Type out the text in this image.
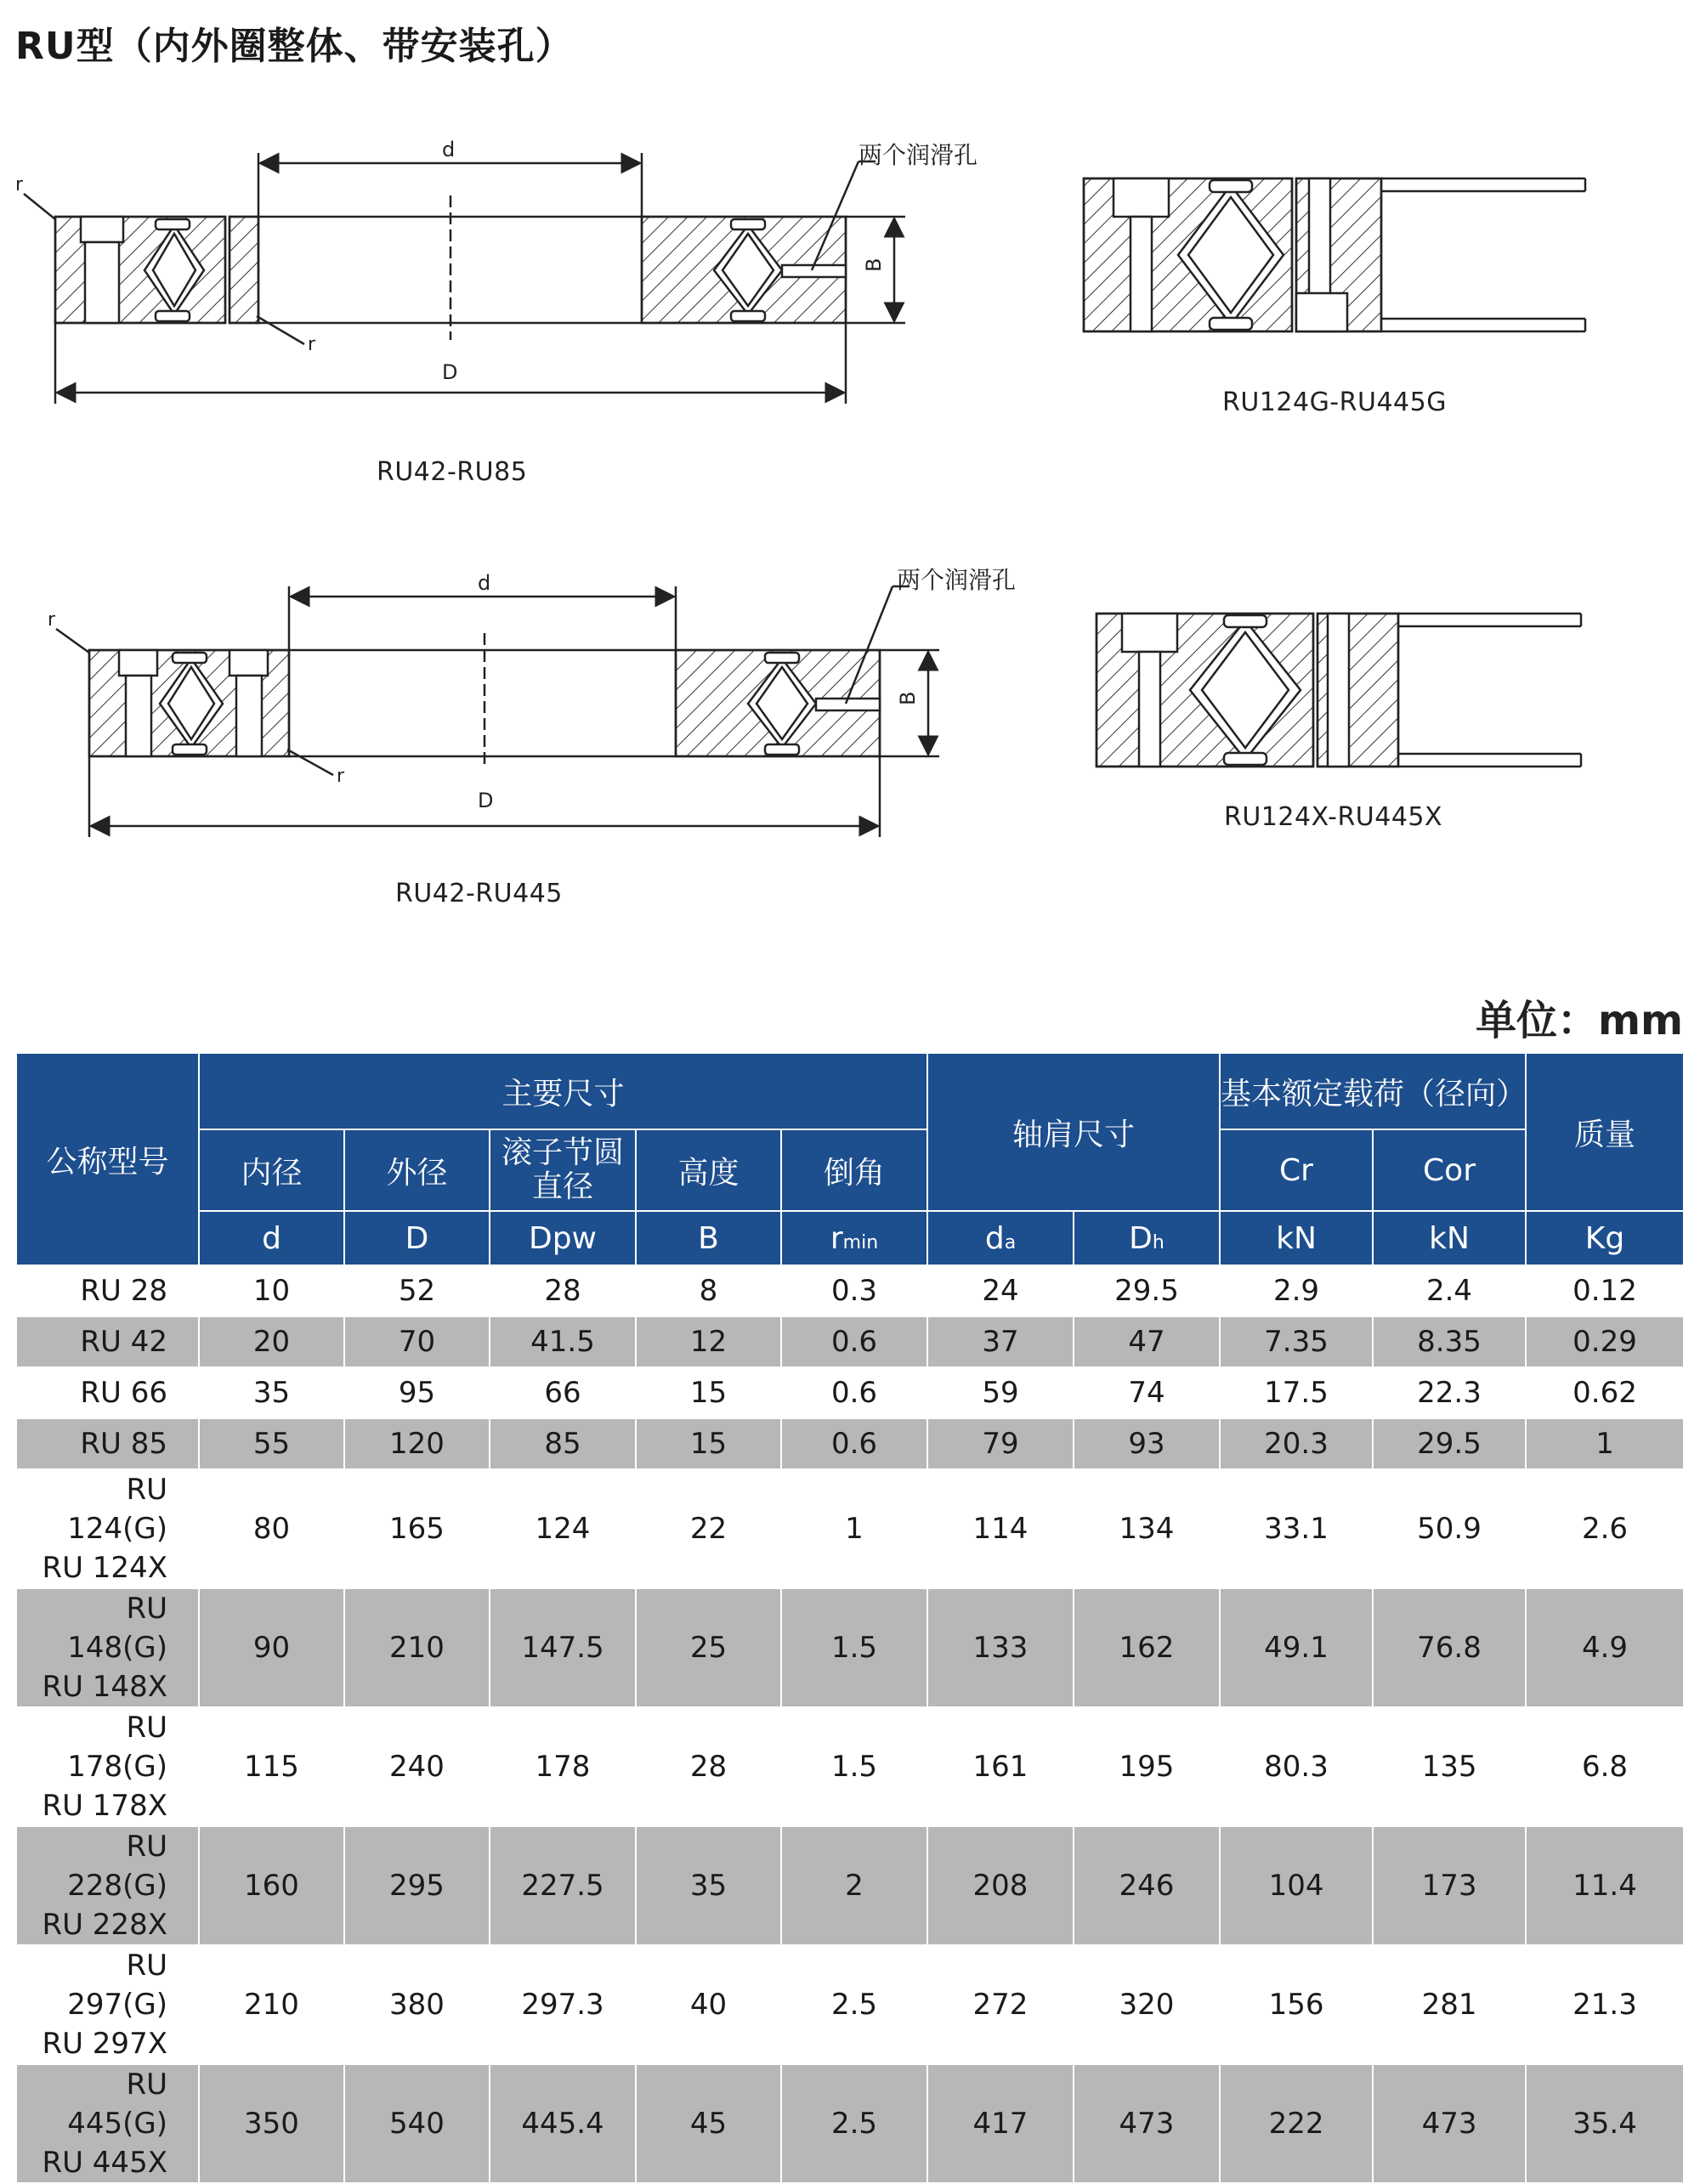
RU型（内外圈整体、带安装孔）
d
D
B
r
r
两个润滑孔
d
D
B
r
r
两个润滑孔
RU42-RU85
RU124G-RU445G
RU42-RU445
RU124X-RU445X
单位：mm
公称型号	主要尺寸					轴肩尺寸		基本额定载荷（径向）		质量
	内径	外径	滚子节圆直径	高度	倒角			Cr	Cor	
	d	D	Dpw	B	rmin	da	Dh	kN	kN	Kg

RU 28	10	52	28	8	0.3	24	29.5	2.9	2.4	0.12

RU 42	20	70	41.5	12	0.6	37	47	7.35	8.35	0.29

RU 66	35	95	66	15	0.6	59	74	17.5	22.3	0.62

RU 85	55	120	85	15	0.6	79	93	20.3	29.5	1

RU 124(G)
RU 124X	80	165	124	22	1	114	134	33.1	50.9	2.6

RU 148(G)
RU 148X	90	210	147.5	25	1.5	133	162	49.1	76.8	4.9

RU 178(G)
RU 178X	115	240	178	28	1.5	161	195	80.3	135	6.8

RU 228(G)
RU 228X	160	295	227.5	35	2	208	246	104	173	11.4

RU 297(G)
RU 297X	210	380	297.3	40	2.5	272	320	156	281	21.3

RU 445(G)
RU 445X	350	540	445.4	45	2.5	417	473	222	473	35.4
